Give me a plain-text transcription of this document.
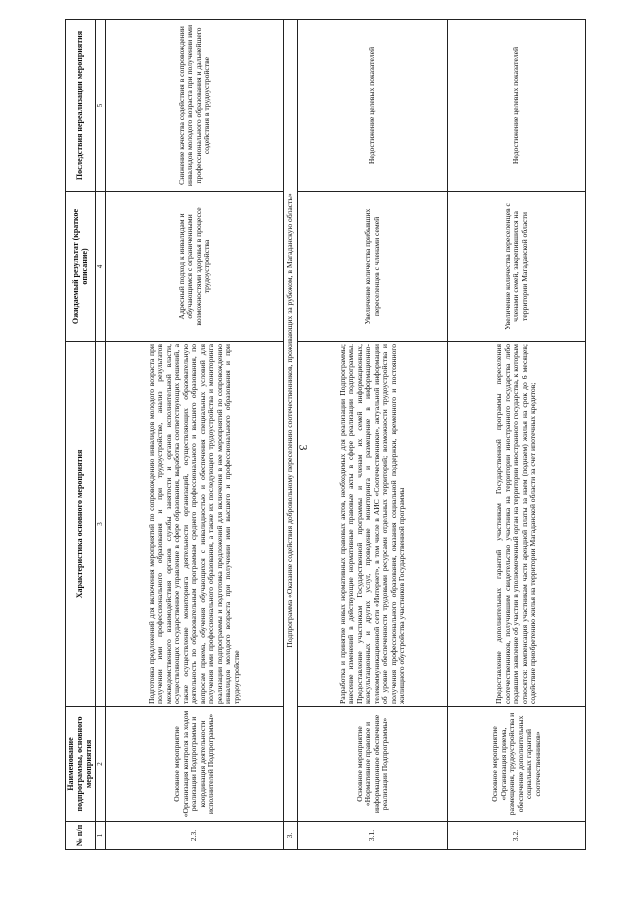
3
№ п/п	Наименование подпрограммы, основного мероприятия	Характеристика основного мероприятия	Ожидаемый результат (краткое описание)	Последствия нереализации мероприятия
1	2	3	4	5
2.3.	Основное мероприятие «Организация контроля за ходом реализации Подпрограммы и координация деятельности исполнителей Подпрограммы»	Подготовка предложений для включения мероприятий по сопровождению инвалидов молодого возраста при получении ими профессионального образования и при трудоустройстве, анализ результатов межведомственного взаимодействия органов службы занятости и органов исполнительной власти, осуществляющих государственное управление в сфере образования, выработка соответствующих решений, а также осуществление мониторинга деятельности организаций, осуществляющих образовательную деятельность по образовательным программам среднего профессионального и высшего образования, по вопросам приема, обучения обучающихся с инвалидностью и обеспечения специальных условий для получения ими профессионального образования, а также их последующего трудоустройства и мониторинга реализации подпрограммы и подготовка предложений для включения в нее мероприятий по сопровождению инвалидов молодого возраста при получении ими высшего и профессионального образования и при трудоустройстве	Адресный подход к инвалидам и обучающимся с ограниченными возможностями здоровья в процессе трудоустройства	Снижение качества содействия в сопровождении инвалидов молодого возраста при получении ими профессионального образования и дальнейшего содействия в трудоустройстве
3.	Подпрограмма «Оказание содействия добровольному переселению соотечественников, проживающих за рубежом, в Магаданскую область»			
3.1.	Основное мероприятие «Нормативное правовое и информационное обеспечение реализации Подпрограммы»	Разработка и принятие новых нормативных правовых актов, необходимых для реализации Подпрограммы; внесение изменений в действующие нормативные правовые акты в сфере реализации подпрограммы. Предоставление участникам Государственной программы и членам их семей информационных, консультационных и других услуг, проведение мониторинга и размещение в информационно-телекоммуникационной сети «Интернет», в том числе в АИС «Соотечественники», актуальной информации об уровне обеспеченности трудовыми ресурсами отдельных территорий; возможности трудоустройства и получения профессионального образования, оказания социальной поддержки, временного и постоянного жилищного обустройства участников Государственной программы	Увеличение количества прибывших переселенцев с членами семей	Недостижение целевых показателей
3.2.	Основное мероприятие «Организация приема, размещения, трудоустройства и обеспечение дополнительных социальных гарантий соотечественников»	Предоставление дополнительных гарантий участникам Государственной программы переселения соотечественников, получившим свидетельство участника на территории иностранного государства либо подавшим заявление об участии в уполномоченный орган на территории иностранного государства, к которым относятся: компенсация участникам части арендной платы за наем (поднаем) жилья на срок до 6 месяцев; содействие приобретению жилья на территории Магаданской области за счет ипотечных кредитов;	Увеличение количества переселенцев с членами семей, закрепившихся на территории Магаданской области	Недостижение целевых показателей
